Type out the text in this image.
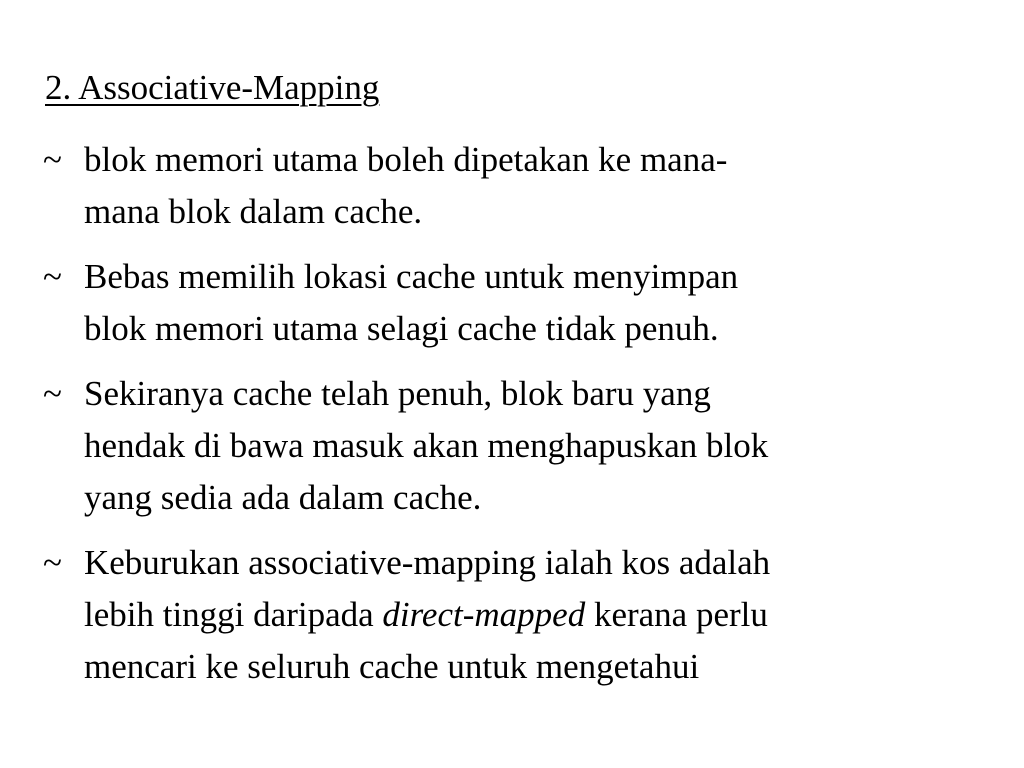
2. Associative-Mapping
~ blok memori utama boleh dipetakan ke mana-
mana blok dalam cache.
~ Bebas memilih lokasi cache untuk menyimpan
blok memori utama selagi cache tidak penuh.
~ Sekiranya cache telah penuh, blok baru yang
hendak di bawa masuk akan menghapuskan blok
yang sedia ada dalam cache.
~ Keburukan associative-mapping ialah kos adalah
lebih tinggi daripada direct-mapped kerana perlu
mencari ke seluruh cache untuk mengetahui
